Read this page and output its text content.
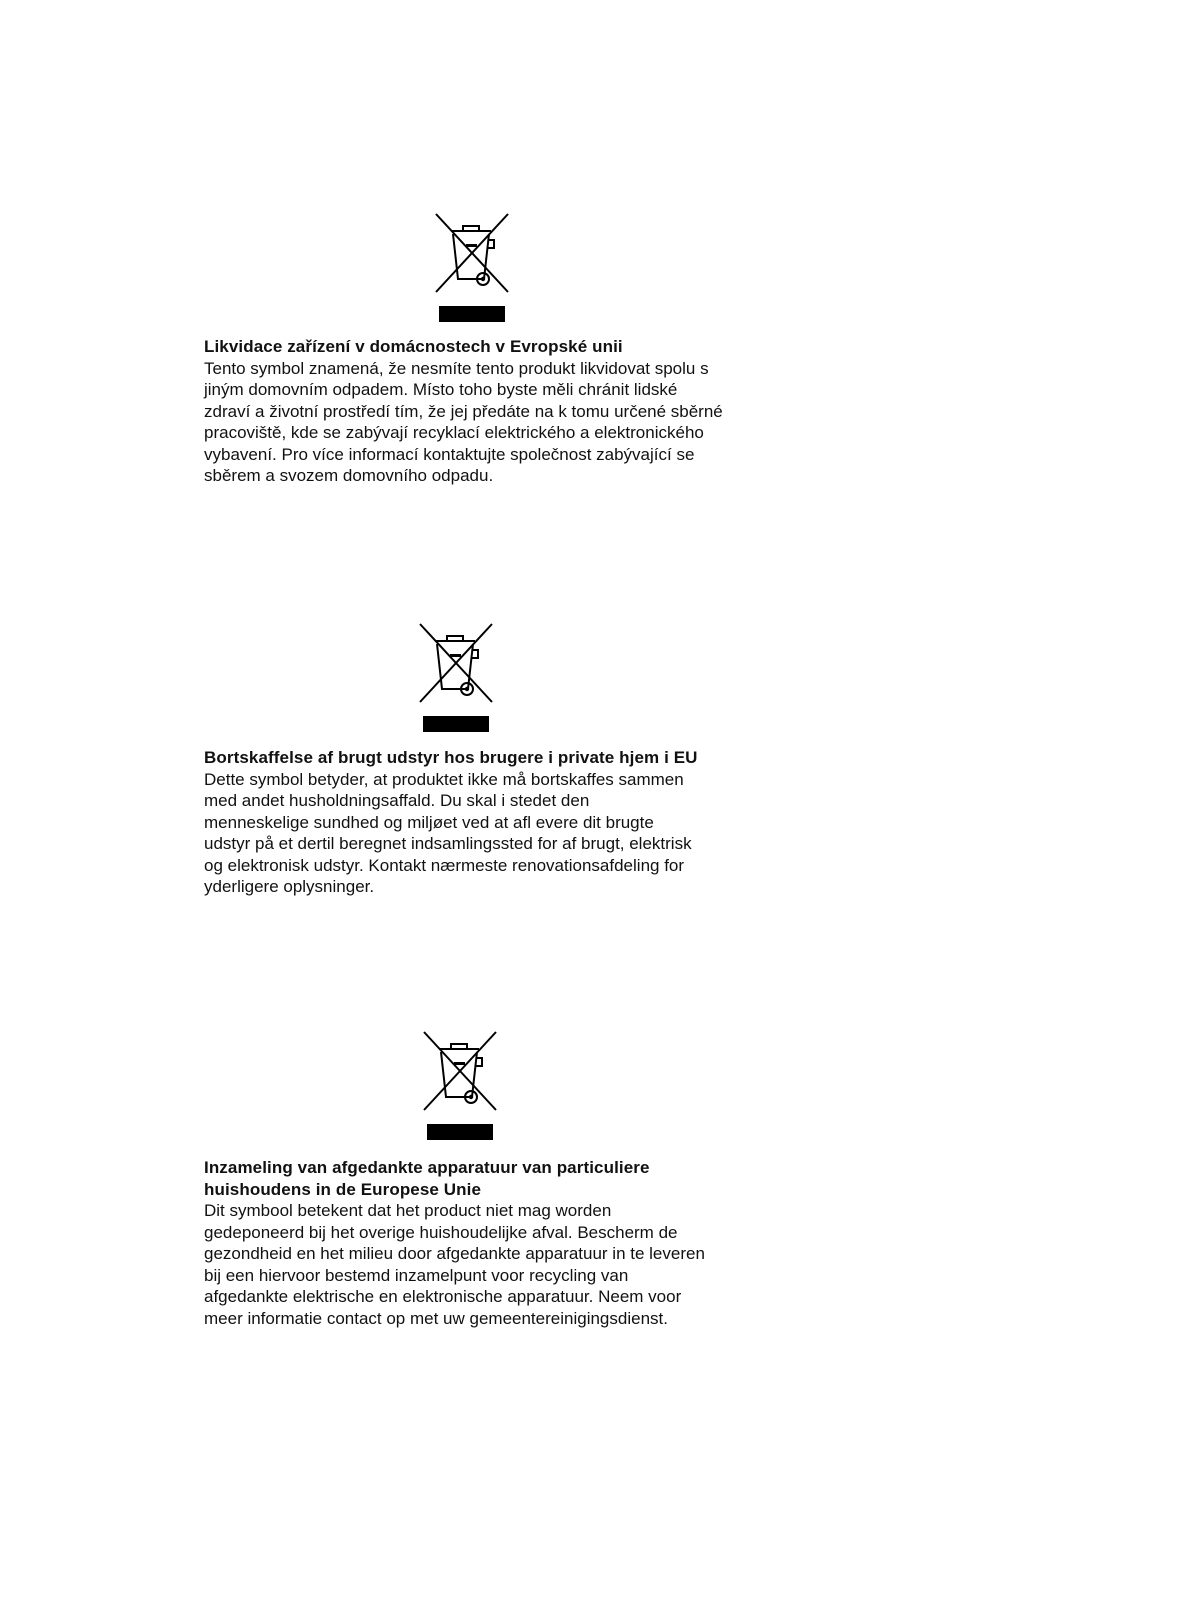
Likvidace zařízení v domácnostech v Evropské unii

Tento symbol znamená, že nesmíte tento produkt likvidovat spolu s
jiným domovním odpadem. Místo toho byste měli chránit lidské
zdraví a životní prostředí tím, že jej předáte na k tomu určené sběrné
pracoviště, kde se zabývají recyklací elektrického a elektronického
vybavení. Pro více informací kontaktujte společnost zabývající se
sběrem a svozem domovního odpadu.

Bortskaffelse af brugt udstyr hos brugere i private hjem i EU

Dette symbol betyder, at produktet ikke må bortskaffes sammen
med andet husholdningsaffald. Du skal i stedet den
menneskelige sundhed og miljøet ved at afl evere dit brugte
udstyr på et dertil beregnet indsamlingssted for af brugt, elektrisk
og elektronisk udstyr. Kontakt nærmeste renovationsafdeling for
yderligere oplysninger.

Inzameling van afgedankte apparatuur van particuliere
huishoudens in de Europese Unie

Dit symbool betekent dat het product niet mag worden
gedeponeerd bij het overige huishoudelijke afval. Bescherm de
gezondheid en het milieu door afgedankte apparatuur in te leveren
bij een hiervoor bestemd inzamelpunt voor recycling van
afgedankte elektrische en elektronische apparatuur. Neem voor
meer informatie contact op met uw gemeentereinigingsdienst.
